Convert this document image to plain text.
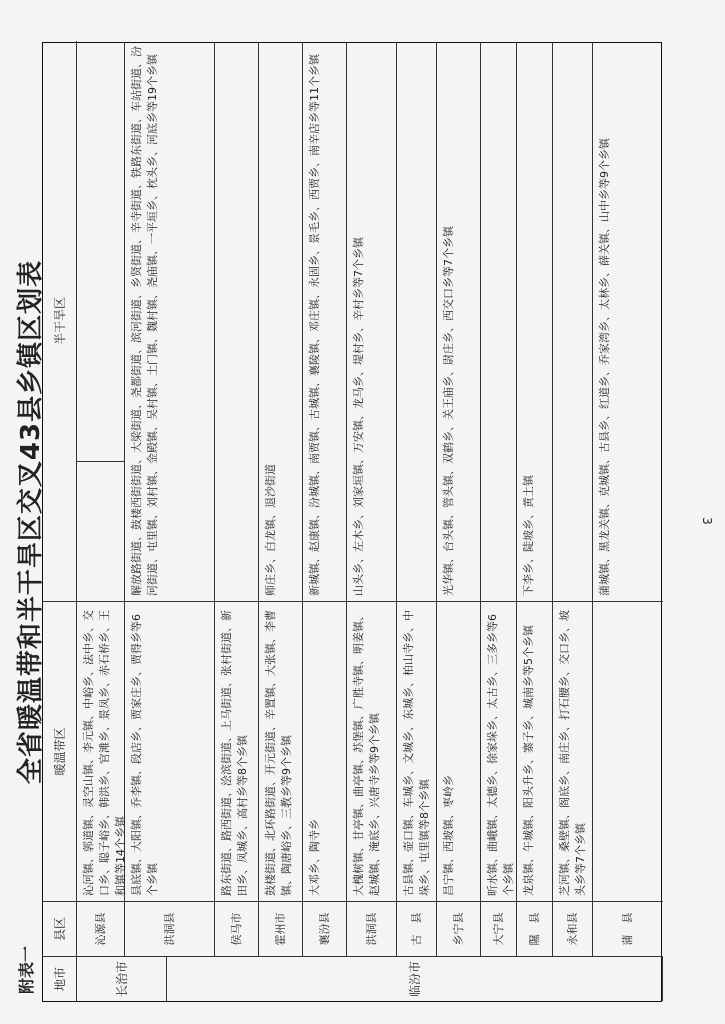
3
附表一
全省暖温带和半干旱区交叉43县乡镇区划表
地市
县区
暖温带区
半干旱区
长治市	临汾市
沁源县
沁河镇、郭道镇、灵空山镇、李元镇、中峪乡、法中乡、交口乡、聪子峪乡、韩洪乡、官滩乡、景凤乡、赤石桥乡、王和镇等14个乡镇
洪洞县
县底镇、大阳镇、乔李镇、段店乡、贾家庄乡、贾得乡等6个乡镇
解放路街道、鼓楼西街街道、大梁街道、尧都街道、滨河街道、乡贤街道、辛寺街道、铁路东街道、车站街道、汾河街道、屯里镇、刘村镇、金殿镇、吴村镇、土门镇、魏村镇、尧庙镇、一平垣乡、枕头乡、河底乡等19个乡镇
侯马市
路东街道、路西街道、浍滨街道、上马街道、张村街道、新田乡、凤城乡、高村乡等8个乡镇
霍州市
鼓楼街道、北环路街道、开元街道、辛置镇、大张镇、李曹镇、陶唐峪乡、三教乡等9个乡镇
师庄乡、白龙镇、退沙街道
襄汾县
大邓乡、陶寺乡
新城镇、赵康镇、汾城镇、南贾镇、古城镇、襄陵镇、邓庄镇、永固乡、景毛乡、西贾乡、南辛店乡等11个乡镇
洪洞县
大槐树镇、甘亭镇、曲亭镇、苏堡镇、广胜寺镇、明姜镇、赵城镇、淹底乡、兴唐寺乡等9个乡镇
山头乡、左木乡、刘家垣镇、万安镇、龙马乡、堤村乡、辛村乡等7个乡镇
古　县
古县镇、壶口镇、车城乡、文城乡、东城乡、柏山寺乡、中垛乡、屯里镇等8个乡镇
乡宁县
昌宁镇、西坡镇、枣岭乡
光华镇、台头镇、管头镇、双鹤乡、关王庙乡、尉庄乡、西交口乡等7个乡镇
大宁县
昕水镇、曲峨镇、太德乡、徐家垛乡、太古乡、三多乡等6个乡镇
隰　县
龙泉镇、午城镇、阳头升乡、寨子乡、城南乡等5个乡镇
下李乡、陡坡乡、黄土镇
永和县
芝河镇、桑壁镇、阁底乡、南庄乡、打石腰乡、交口乡、坡头乡等7个乡镇
蒲　县
蒲城镇、黑龙关镇、克城镇、古县乡、红道乡、乔家湾乡、太林乡、薛关镇、山中乡等9个乡镇
